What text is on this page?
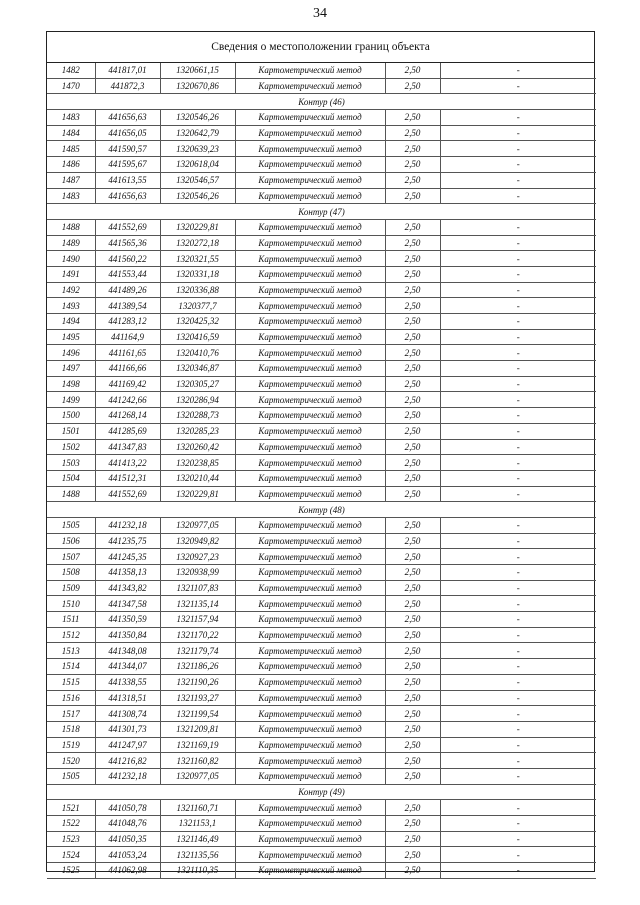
34
Сведения о местоположении границ объекта
1482	441817,01	1320661,15	Картометрический метод	2,50	-
1470	441872,3	1320670,86	Картометрический метод	2,50	-
Контур (46)					
1483	441656,63	1320546,26	Картометрический метод	2,50	-
1484	441656,05	1320642,79	Картометрический метод	2,50	-
1485	441590,57	1320639,23	Картометрический метод	2,50	-
1486	441595,67	1320618,04	Картометрический метод	2,50	-
1487	441613,55	1320546,57	Картометрический метод	2,50	-
1483	441656,63	1320546,26	Картометрический метод	2,50	-
Контур (47)					
1488	441552,69	1320229,81	Картометрический метод	2,50	-
1489	441565,36	1320272,18	Картометрический метод	2,50	-
1490	441560,22	1320321,55	Картометрический метод	2,50	-
1491	441553,44	1320331,18	Картометрический метод	2,50	-
1492	441489,26	1320336,88	Картометрический метод	2,50	-
1493	441389,54	1320377,7	Картометрический метод	2,50	-
1494	441283,12	1320425,32	Картометрический метод	2,50	-
1495	441164,9	1320416,59	Картометрический метод	2,50	-
1496	441161,65	1320410,76	Картометрический метод	2,50	-
1497	441166,66	1320346,87	Картометрический метод	2,50	-
1498	441169,42	1320305,27	Картометрический метод	2,50	-
1499	441242,66	1320286,94	Картометрический метод	2,50	-
1500	441268,14	1320288,73	Картометрический метод	2,50	-
1501	441285,69	1320285,23	Картометрический метод	2,50	-
1502	441347,83	1320260,42	Картометрический метод	2,50	-
1503	441413,22	1320238,85	Картометрический метод	2,50	-
1504	441512,31	1320210,44	Картометрический метод	2,50	-
1488	441552,69	1320229,81	Картометрический метод	2,50	-
Контур (48)					
1505	441232,18	1320977,05	Картометрический метод	2,50	-
1506	441235,75	1320949,82	Картометрический метод	2,50	-
1507	441245,35	1320927,23	Картометрический метод	2,50	-
1508	441358,13	1320938,99	Картометрический метод	2,50	-
1509	441343,82	1321107,83	Картометрический метод	2,50	-
1510	441347,58	1321135,14	Картометрический метод	2,50	-
1511	441350,59	1321157,94	Картометрический метод	2,50	-
1512	441350,84	1321170,22	Картометрический метод	2,50	-
1513	441348,08	1321179,74	Картометрический метод	2,50	-
1514	441344,07	1321186,26	Картометрический метод	2,50	-
1515	441338,55	1321190,26	Картометрический метод	2,50	-
1516	441318,51	1321193,27	Картометрический метод	2,50	-
1517	441308,74	1321199,54	Картометрический метод	2,50	-
1518	441301,73	1321209,81	Картометрический метод	2,50	-
1519	441247,97	1321169,19	Картометрический метод	2,50	-
1520	441216,82	1321160,82	Картометрический метод	2,50	-
1505	441232,18	1320977,05	Картометрический метод	2,50	-
Контур (49)					
1521	441050,78	1321160,71	Картометрический метод	2,50	-
1522	441048,76	1321153,1	Картометрический метод	2,50	-
1523	441050,35	1321146,49	Картометрический метод	2,50	-
1524	441053,24	1321135,56	Картометрический метод	2,50	-
1525	441062,98	1321110,35	Картометрический метод	2,50	-
